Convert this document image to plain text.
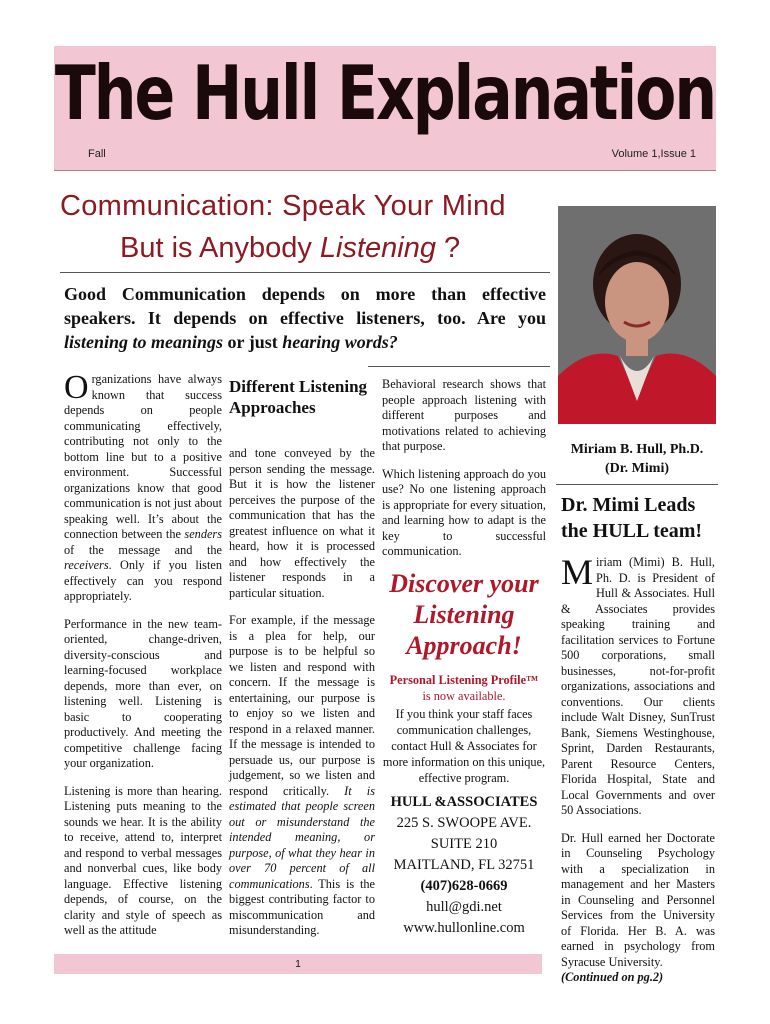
The Hull Explanation
Fall	Volume 1,Issue 1
Communication: Speak Your Mind
But is Anybody Listening ?
Good Communication depends on more than effective speakers. It depends on effective listeners, too. Are you listening to meanings or just hearing words?

Organizations have always known that success depends on people communicating effectively, contributing not only to the bottom line but to a positive environment. Successful organizations know that good communication is not just about speaking well. It’s about the connection between the senders of the message and the receivers. Only if you listen effectively can you respond appropriately.

Performance in the new team-oriented, change-driven, diversity-conscious and learning-focused workplace depends, more than ever, on listening well. Listening is basic to cooperating productively. And meeting the competitive challenge facing your organization.

Listening is more than hearing. Listening puts meaning to the sounds we hear. It is the ability to receive, attend to, interpret and respond to verbal messages and nonverbal cues, like body language. Effective listening depends, of course, on the clarity and style of speech as well as the attitude

Different Listening Approaches

and tone conveyed by the person sending the message. But it is how the listener perceives the purpose of the communication that has the greatest influence on what it heard, how it is processed and how effectively the listener responds in a particular situation.

For example, if the message is a plea for help, our purpose is to be helpful so we listen and respond with concern. If the message is entertaining, our purpose is to enjoy so we listen and respond in a relaxed manner. If the message is intended to persuade us, our purpose is judgement, so we listen and respond critically. It is estimated that people screen out or misunderstand the intended meaning, or purpose, of what they hear in over 70 percent of all communications. This is the biggest contributing factor to miscommunication and misunderstanding.

Behavioral research shows that people approach listening with different purposes and motivations related to achieving that purpose.

Which listening approach do you use? No one listening approach is appropriate for every situation, and learning how to adapt is the key to successful communication.

Discover your
Listening
Approach!
Personal Listening Profile™
is now available.
If you think your staff faces communication challenges, contact Hull & Associates for more information on this unique, effective program.
HULL &ASSOCIATES
225 S. SWOOPE AVE.
SUITE 210
MAITLAND, FL 32751
(407)628-0669
hull@gdi.net
www.hullonline.com
Miriam B. Hull, Ph.D.
(Dr. Mimi)
Dr. Mimi Leads the HULL team!

Miriam (Mimi) B. Hull, Ph. D. is President of Hull & Associates. Hull & Associates provides speaking training and facilitation services to Fortune 500 corporations, small businesses, not-for-profit organizations, associations and conventions. Our clients include Walt Disney, SunTrust Bank, Siemens Westinghouse, Sprint, Darden Restaurants, Parent Resource Centers, Florida Hospital, State and Local Governments and over 50 Associations.

Dr. Hull earned her Doctorate in Counseling Psychology with a specialization in management and her Masters in Counseling and Personnel Services from the University of Florida. Her B. A. was earned in psychology from Syracuse University.

(Continued on pg.2)
1
